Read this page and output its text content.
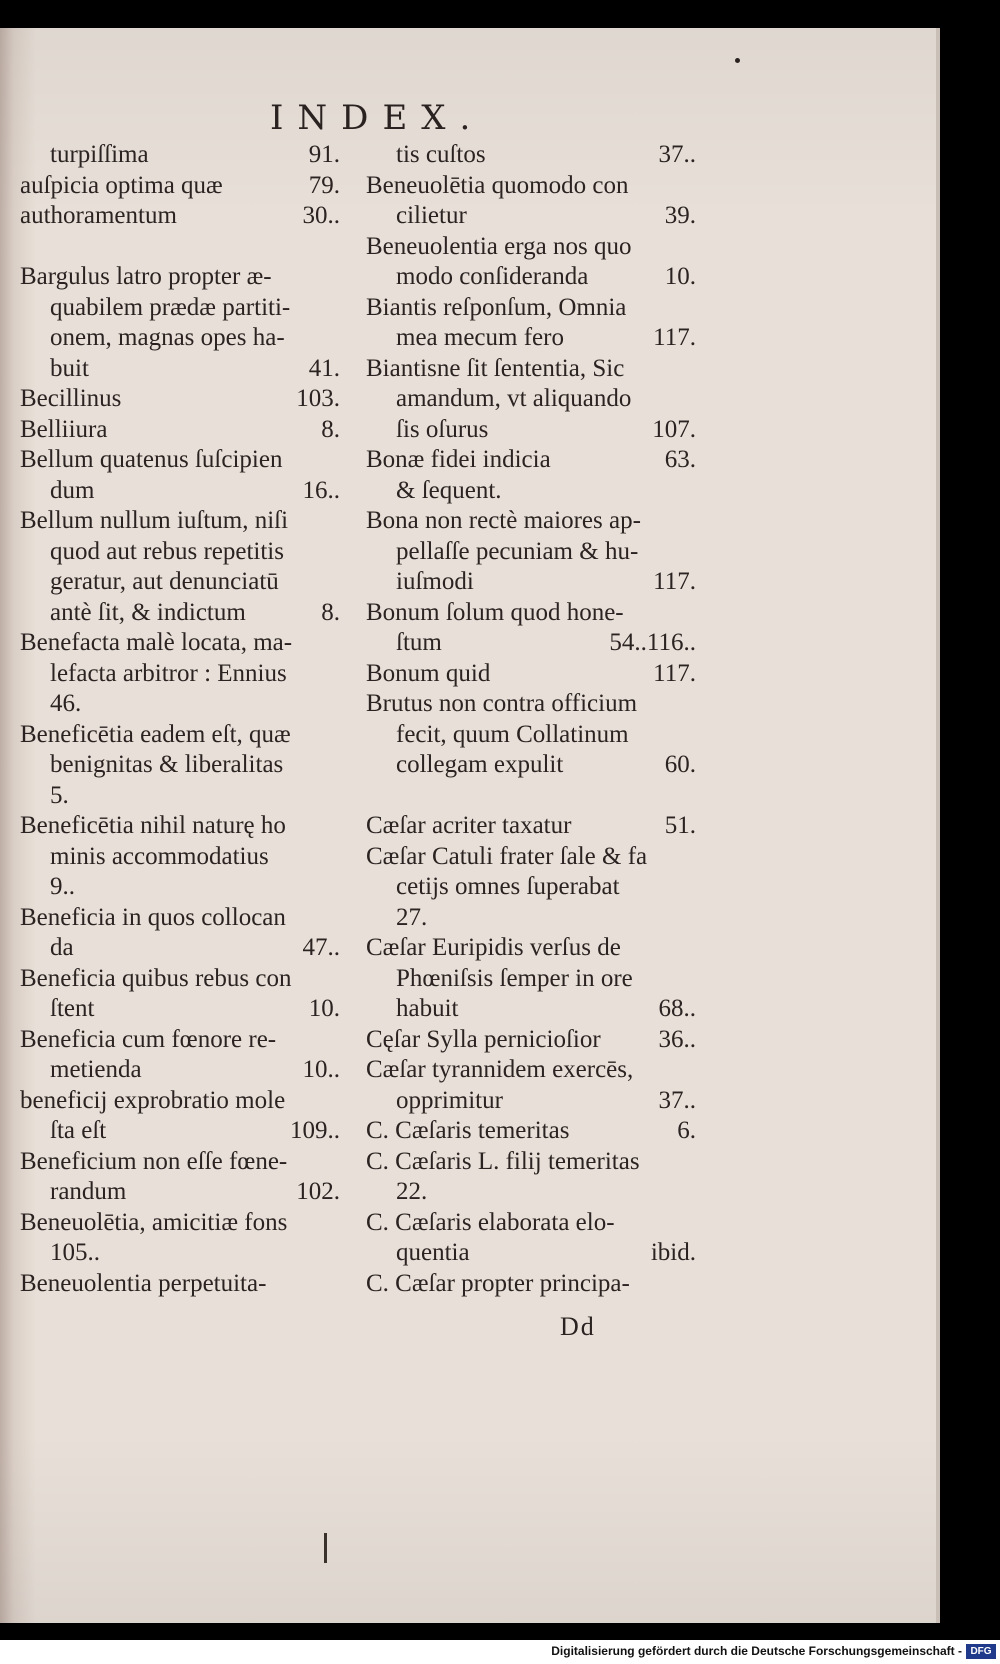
INDEX.
turpiſſima	91.
auſpicia optima quæ	79.
authoramentum	30..
Bargulus latro propter æ-
quabilem prædæ partiti-
onem, magnas opes ha-
buit	41.
Becillinus	103.
Belliiura	8.
Bellum quatenus ſuſcipien
dum	16..
Bellum nullum iuſtum, niſi
quod aut rebus repetitis
geratur, aut denunciatū
antè ſit, & indictum	8.
Benefacta malè locata, ma-
lefacta arbitror : Ennius
46.
Beneficētia eadem eſt, quæ
benignitas & liberalitas
5.
Beneficētia nihil naturę ho
minis accommodatius
9..
Beneficia in quos collocan
da	47..
Beneficia quibus rebus con
ſtent	10.
Beneficia cum fœnore re-
metienda	10..
beneficij exprobratio mole
ſta eſt	109..
Beneficium non eſſe fœne-
randum	102.
Beneuolētia, amicitiæ fons
105..
Beneuolentia perpetuita-
tis cuſtos	37..
Beneuolētia quomodo con
cilietur	39.
Beneuolentia erga nos quo
modo conſideranda	10.
Biantis reſponſum, Omnia
mea mecum fero	117.
Biantisne ſit ſententia, Sic
amandum, vt aliquando
ſis oſurus	107.
Bonæ fidei indicia	63.
& ſequent.
Bona non rectè maiores ap-
pellaſſe pecuniam & hu-
iuſmodi	117.
Bonum ſolum quod hone-
ſtum	54..116..
Bonum quid	117.
Brutus non contra officium
fecit, quum Collatinum
collegam expulit	60.
Cæſar acriter taxatur	51.
Cæſar Catuli frater ſale & fa
cetijs omnes ſuperabat
27.
Cæſar Euripidis verſus de
Phœniſsis ſemper in ore
habuit	68..
Cęſar Sylla pernicioſior 36..
Cæſar tyrannidem exercēs,
opprimitur	37..
C. Cæſaris temeritas	6.
C. Cæſaris L. filij temeritas
22.
C. Cæſaris elaborata elo-
quentia	ibid.
C. Cæſar propter principa-
Dd
Digitalisierung gefördert durch die Deutsche Forschungsgemeinschaft - DFG
